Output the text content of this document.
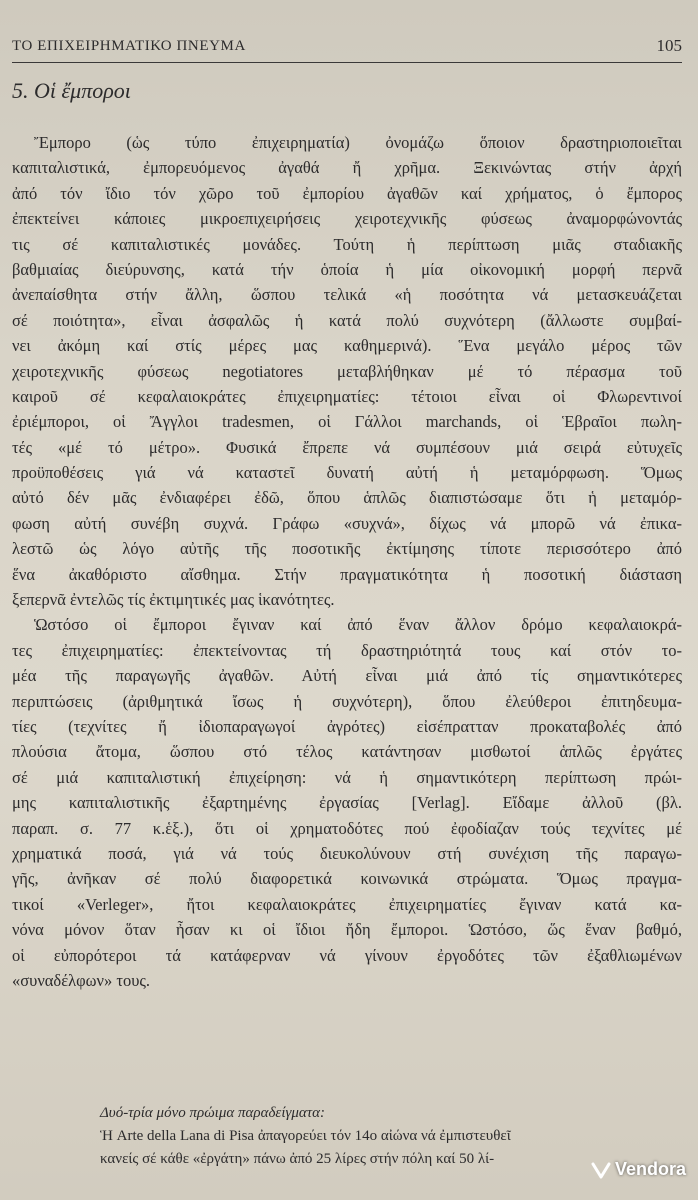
ΤΟ ΕΠΙΧΕΙΡΗΜΑΤΙΚΟ ΠΝΕΥΜΑ	105
5. Οἱ ἔμποροι
Ἔμπορο (ὡς τύπο ἐπιχειρηματία) ὀνομάζω ὅποιον δραστηριοποιεῖται
καπιταλιστικά, ἐμπορευόμενος ἀγαθά ἤ χρῆμα. Ξεκινώντας στήν ἀρχή
ἀπό τόν ἴδιο τόν χῶρο τοῦ ἐμπορίου ἀγαθῶν καί χρήματος, ὁ ἔμπορος
ἐπεκτείνει κάποιες μικροεπιχειρήσεις χειροτεχνικῆς φύσεως ἀναμορφώνοντάς
τις σέ καπιταλιστικές μονάδες. Τούτη ἡ περίπτωση μιᾶς σταδιακῆς
βαθμιαίας διεύρυνσης, κατά τήν ὁποία ἡ μία οἰκονομική μορφή περνᾶ
ἀνεπαίσθητα στήν ἄλλη, ὥσπου τελικά «ἡ ποσότητα νά μετασκευάζεται
σέ ποιότητα», εἶναι ἀσφαλῶς ἡ κατά πολύ συχνότερη (ἄλλωστε συμβαί-
νει ἀκόμη καί στίς μέρες μας καθημερινά). Ἕνα μεγάλο μέρος τῶν
χειροτεχνικῆς φύσεως negotiatores μεταβλήθηκαν μέ τό πέρασμα τοῦ
καιροῦ σέ κεφαλαιοκράτες ἐπιχειρηματίες: τέτοιοι εἶναι οἱ Φλωρεντινοί
ἐριέμποροι, οἱ Ἄγγλοι tradesmen, οἱ Γάλλοι marchands, οἱ Ἑβραῖοι πωλη-
τές «μέ τό μέτρο». Φυσικά ἔπρεπε νά συμπέσουν μιά σειρά εὐτυχεῖς
προϋποθέσεις γιά νά καταστεῖ δυνατή αὐτή ἡ μεταμόρφωση. Ὅμως
αὐτό δέν μᾶς ἐνδιαφέρει ἐδῶ, ὅπου ἁπλῶς διαπιστώσαμε ὅτι ἡ μεταμόρ-
φωση αὐτή συνέβη συχνά. Γράφω «συχνά», δίχως νά μπορῶ νά ἐπικα-
λεστῶ ὡς λόγο αὐτῆς τῆς ποσοτικῆς ἐκτίμησης τίποτε περισσότερο ἀπό
ἕνα ἀκαθόριστο αἴσθημα. Στήν πραγματικότητα ἡ ποσοτική διάσταση
ξεπερνᾶ ἐντελῶς τίς ἐκτιμητικές μας ἱκανότητες.
Ὡστόσο οἱ ἔμποροι ἔγιναν καί ἀπό ἕναν ἄλλον δρόμο κεφαλαιοκρά-
τες ἐπιχειρηματίες: ἐπεκτείνοντας τή δραστηριότητά τους καί στόν το-
μέα τῆς παραγωγῆς ἀγαθῶν. Αὐτή εἶναι μιά ἀπό τίς σημαντικότερες
περιπτώσεις (ἀριθμητικά ἴσως ἡ συχνότερη), ὅπου ἐλεύθεροι ἐπιτηδευμα-
τίες (τεχνίτες ἤ ἰδιοπαραγωγοί ἀγρότες) εἰσέπρατταν προκαταβολές ἀπό
πλούσια ἄτομα, ὥσπου στό τέλος κατάντησαν μισθωτοί ἁπλῶς ἐργάτες
σέ μιά καπιταλιστική ἐπιχείρηση: νά ἡ σημαντικότερη περίπτωση πρώι-
μης καπιταλιστικῆς ἐξαρτημένης ἐργασίας [Verlag]. Εἴδαμε ἀλλοῦ (βλ.
παραπ. σ. 77 κ.ἑξ.), ὅτι οἱ χρηματοδότες πού ἐφοδίαζαν τούς τεχνίτες μέ
χρηματικά ποσά, γιά νά τούς διευκολύνουν στή συνέχιση τῆς παραγω-
γῆς, ἀνῆκαν σέ πολύ διαφορετικά κοινωνικά στρώματα. Ὅμως πραγμα-
τικοί «Verleger», ἤτοι κεφαλαιοκράτες ἐπιχειρηματίες ἔγιναν κατά κα-
νόνα μόνον ὅταν ἦσαν κι οἱ ἴδιοι ἤδη ἔμποροι. Ὡστόσο, ὥς ἕναν βαθμό,
οἱ εὐπορότεροι τά κατάφερναν νά γίνουν ἐργοδότες τῶν ἐξαθλιωμένων
«συναδέλφων» τους.
Δυό-τρία μόνο πρώιμα παραδείγματα:
Ἡ Arte della Lana di Pisa ἀπαγορεύει τόν 14ο αἰώνα νά ἐμπιστευθεῖ
κανείς σέ κάθε «ἐργάτη» πάνω ἀπό 25 λίρες στήν πόλη καί 50 λί-	Vendora
